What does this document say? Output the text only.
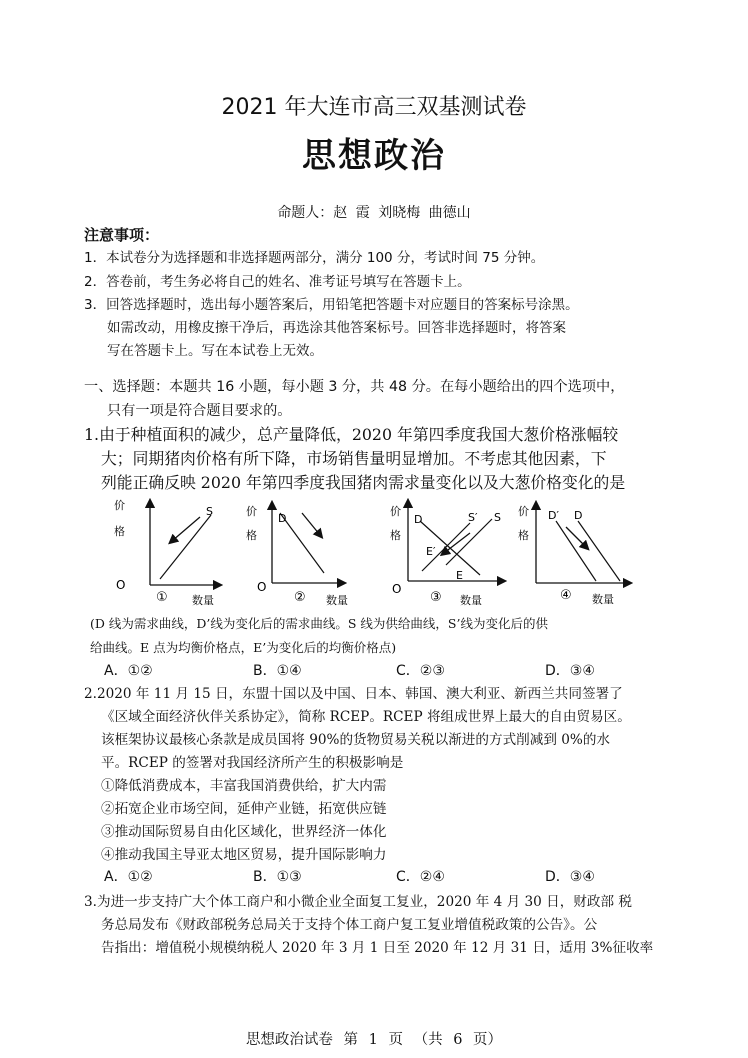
2021 年大连市高三双基测试卷
思想政治
命题人：赵 霞 刘晓梅 曲德山
注意事项：
1．本试卷分为选择题和非选择题两部分，满分 100 分，考试时间 75 分钟。
2．答卷前，考生务必将自己的姓名、准考证号填写在答题卡上。
3．回答选择题时，选出每小题答案后，用铅笔把答题卡对应题目的答案标号涂黑。
如需改动，用橡皮擦干净后，再选涂其他答案标号。回答非选择题时，将答案
写在答题卡上。写在本试卷上无效。
一、选择题：本题共 16 小题，每小题 3 分，共 48 分。在每小题给出的四个选项中，
只有一项是符合题目要求的。
1.由于种植面积的减少，总产量降低，2020 年第四季度我国大葱价格涨幅较
大；同期猪肉价格有所下降，市场销售量明显增加。不考虑其他因素，下
列能正确反映 2020 年第四季度我国猪肉需求量变化以及大葱价格变化的是
价
格
O
S
① 数量
价
格
O
D
② 数量
D	S′ S
E′
E
价
格
O
③ 数量
D′ D
价
格
④ 数量
(D 线为需求曲线，D’线为变化后的需求曲线。S 线为供给曲线，S’线为变化后的供
给曲线。E 点为均衡价格点，E’为变化后的均衡价格点)
A．①②	B．①④	C．②③	D．③④
2.2020 年 11 月 15 日，东盟十国以及中国、日本、韩国、澳大利亚、新西兰共同签署了
《区域全面经济伙伴关系协定》，简称 RCEP。RCEP 将组成世界上最大的自由贸易区。
该框架协议最核心条款是成员国将 90%的货物贸易关税以渐进的方式削减到 0%的水
平。RCEP 的签署对我国经济所产生的积极影响是
①降低消费成本，丰富我国消费供给，扩大内需
②拓宽企业市场空间，延伸产业链，拓宽供应链
③推动国际贸易自由化区域化，世界经济一体化
④推动我国主导亚太地区贸易，提升国际影响力
A．①②	B．①③	C．②④	D．③④
3.为进一步支持广大个体工商户和小微企业全面复工复业，2020 年 4 月 30 日，财政部 税
务总局发布《财政部税务总局关于支持个体工商户复工复业增值税政策的公告》。公
告指出：增值税小规模纳税人 2020 年 3 月 1 日至 2020 年 12 月 31 日，适用 3%征收率
思想政治试卷 第 1 页 （共 6 页）
